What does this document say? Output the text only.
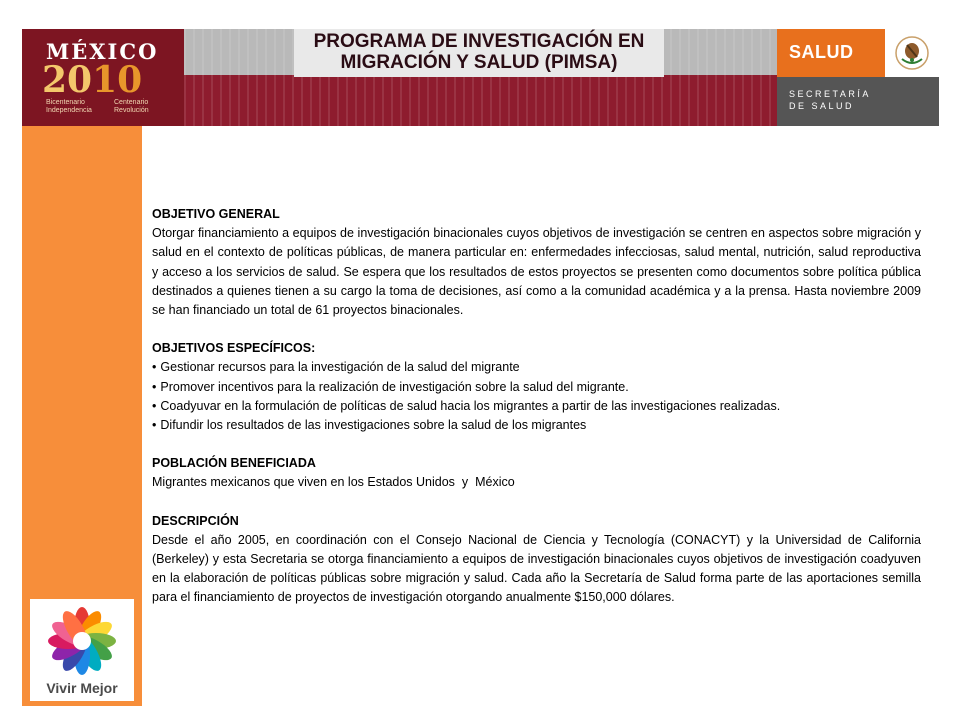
MÉXICO
2010
Bicentenario
Independencia
Centenario
Revolución
PROGRAMA DE INVESTIGACIÓN EN
MIGRACIÓN Y SALUD (PIMSA)	SALUD
SECRETARÍA
DE SALUD
Vivir Mejor
OBJETIVO GENERAL

Otorgar financiamiento a equipos de investigación binacionales cuyos objetivos de investigación se centren en aspectos sobre migración y salud en el contexto de políticas públicas, de manera particular en: enfermedades infecciosas, salud mental, nutrición, salud reproductiva y acceso a los servicios de salud. Se espera que los resultados de estos proyectos se presenten como documentos sobre política pública destinados a quienes tienen a su cargo la toma de decisiones, así como a la comunidad académica y a la prensa. Hasta noviembre 2009 se han financiado un total de 61 proyectos binacionales.

OBJETIVOS ESPECÍFICOS:
• Gestionar recursos para la investigación de la salud del migrante
• Promover incentivos para la realización de investigación sobre la salud del migrante.
• Coadyuvar en la formulación de políticas de salud hacia los migrantes a partir de las investigaciones realizadas.
• Difundir los resultados de las investigaciones sobre la salud de los migrantes
POBLACIÓN BENEFICIADA

Migrantes mexicanos que viven en los Estados Unidos  y  México

DESCRIPCIÓN

Desde el año 2005, en coordinación con el Consejo Nacional de Ciencia y Tecnología (CONACYT) y la Universidad de California (Berkeley) y esta Secretaria se otorga financiamiento a equipos de investigación binacionales cuyos objetivos de investigación coadyuven en la elaboración de políticas públicas sobre migración y salud. Cada año la Secretaría de Salud forma parte de las aportaciones semilla para el financiamiento de proyectos de investigación otorgando anualmente $150,000 dólares.
